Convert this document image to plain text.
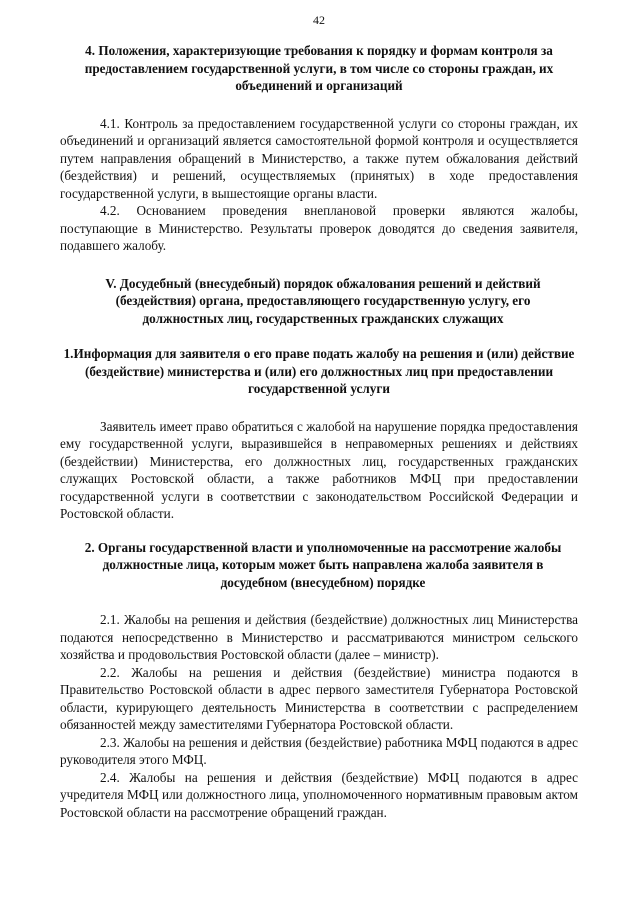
42

4. Положения, характеризующие требования к порядку и формам контроля за предоставлением государственной услуги, в том числе со стороны граждан, их объединений и организаций

4.1. Контроль за предоставлением государственной услуги со стороны граждан, их объединений и организаций является самостоятельной формой контроля и осуществляется путем направления обращений в Министерство, а также путем обжалования действий (бездействия) и решений, осуществляемых (принятых) в ходе предоставления государственной услуги, в вышестоящие органы власти.

4.2. Основанием проведения внеплановой проверки являются жалобы, поступающие в Министерство. Результаты проверок доводятся до сведения заявителя, подавшего жалобу.

V. Досудебный (внесудебный) порядок обжалования решений и действий (бездействия) органа, предоставляющего государственную услугу, его должностных лиц, государственных гражданских служащих

1.Информация для заявителя о его праве подать жалобу на решения и (или) действие (бездействие) министерства и (или) его должностных лиц при предоставлении государственной услуги

Заявитель имеет право обратиться с жалобой на нарушение порядка предоставления ему государственной услуги, выразившейся в неправомерных решениях и действиях (бездействии) Министерства, его должностных лиц, государственных гражданских служащих Ростовской области, а также работников МФЦ при предоставлении государственной услуги в соответствии с законодательством Российской Федерации и Ростовской области.

2. Органы государственной власти и уполномоченные на рассмотрение жалобы должностные лица, которым может быть направлена жалоба заявителя в досудебном (внесудебном) порядке

2.1. Жалобы на решения и действия (бездействие) должностных лиц Министерства подаются непосредственно в Министерство и рассматриваются министром сельского хозяйства и продовольствия Ростовской области (далее – министр).

2.2. Жалобы на решения и действия (бездействие) министра подаются в Правительство Ростовской области в адрес первого заместителя Губернатора Ростовской области, курирующего деятельность Министерства в соответствии с распределением обязанностей между заместителями Губернатора Ростовской области.

2.3. Жалобы на решения и действия (бездействие) работника МФЦ подаются в адрес руководителя этого МФЦ.

2.4. Жалобы на решения и действия (бездействие) МФЦ подаются в адрес учредителя МФЦ или должностного лица, уполномоченного нормативным правовым актом Ростовской области на рассмотрение обращений граждан.
